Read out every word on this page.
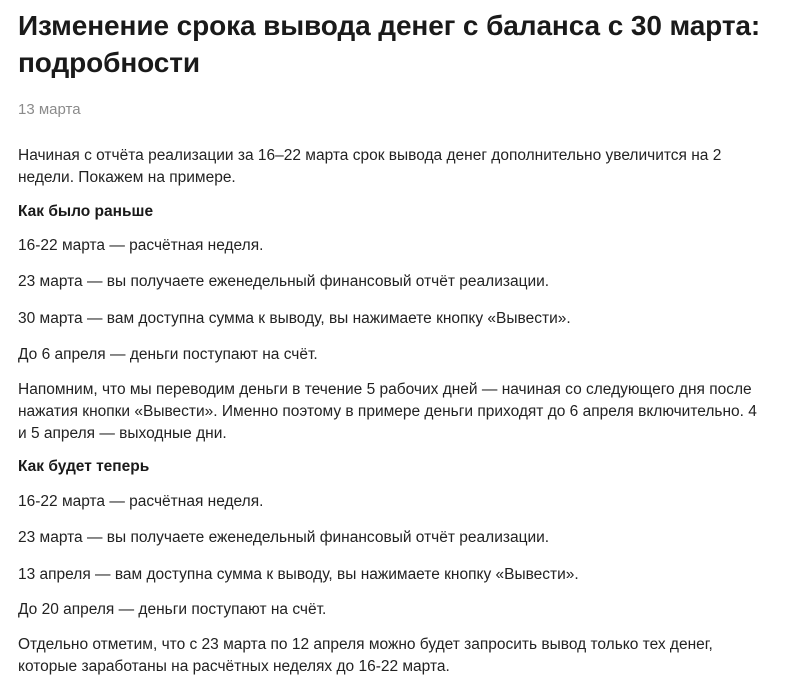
Изменение срока вывода денег с баланса с 30 марта: подробности
13 марта

Начиная с отчёта реализации за 16–22 марта срок вывода денег дополнительно увеличится на 2 недели. Покажем на примере.

Как было раньше

16-22 марта — расчётная неделя.

23 марта — вы получаете еженедельный финансовый отчёт реализации.

30 марта — вам доступна сумма к выводу, вы нажимаете кнопку «Вывести».

До 6 апреля — деньги поступают на счёт.

Напомним, что мы переводим деньги в течение 5 рабочих дней — начиная со следующего дня после
нажатия кнопки «Вывести». Именно поэтому в примере деньги приходят до 6 апреля включительно. 4
и 5 апреля — выходные дни.

Как будет теперь

16-22 марта — расчётная неделя.

23 марта — вы получаете еженедельный финансовый отчёт реализации.

13 апреля — вам доступна сумма к выводу, вы нажимаете кнопку «Вывести».

До 20 апреля — деньги поступают на счёт.

Отдельно отметим, что с 23 марта по 12 апреля можно будет запросить вывод только тех денег,
которые заработаны на расчётных неделях до 16-22 марта.
